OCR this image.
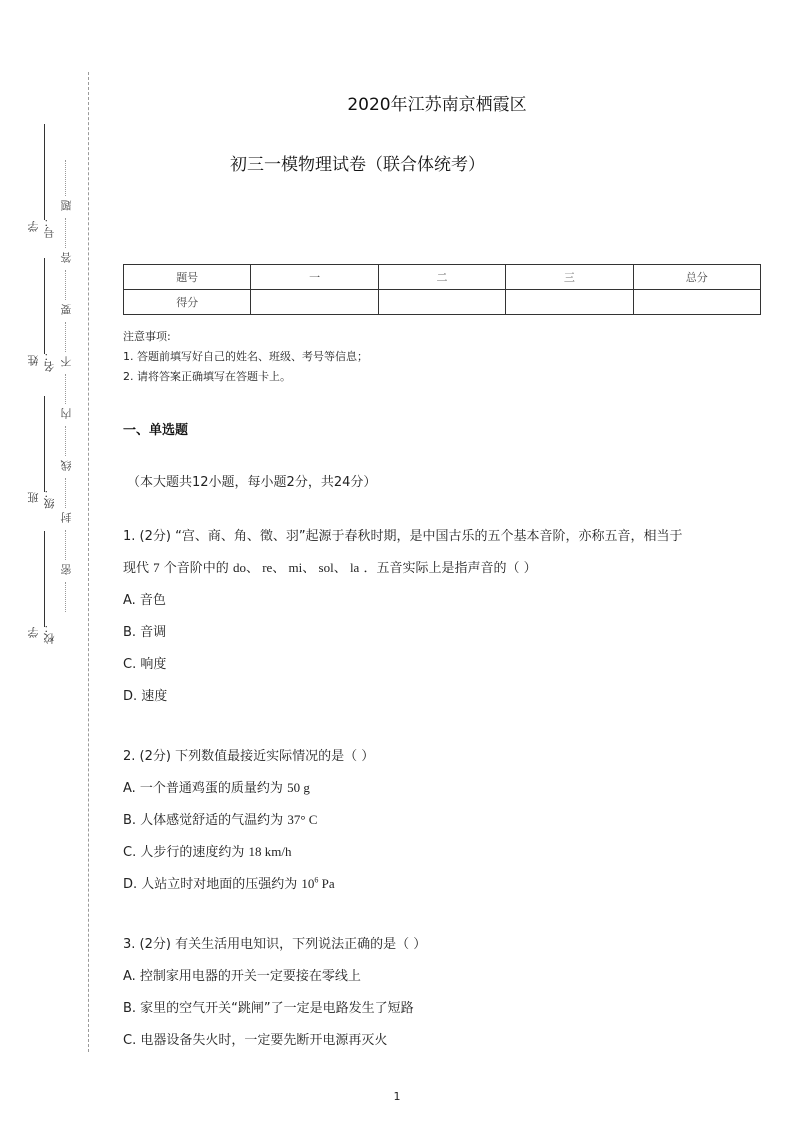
学号：
姓名：
班级：
学校：
题
答
要
不
内
线
封
密
2020年江苏南京栖霞区
初三一模物理试卷（联合体统考）
题号	一	二	三	总分
得分				
注意事项:
1. 答题前填写好自己的姓名、班级、考号等信息；
2. 请将答案正确填写在答题卡上。
一、单选题
（本大题共12小题，每小题2分，共24分）
1. (2分) “宫、商、角、徵、羽”起源于春秋时期，是中国古乐的五个基本音阶，亦称五音，相当于
现代 7 个音阶中的 do、 re、 mi、 sol、 la ．五音实际上是指声音的（ ）
A. 音色
B. 音调
C. 响度
D. 速度
2. (2分) 下列数值最接近实际情况的是（ ）
A. 一个普通鸡蛋的质量约为 50 g
B. 人体感觉舒适的气温约为 37° C
C. 人步行的速度约为 18 km/h
D. 人站立时对地面的压强约为 $10^6$ Pa
3. (2分) 有关生活用电知识，下列说法正确的是（ ）
A. 控制家用电器的开关一定要接在零线上
B. 家里的空气开关“跳闸”了一定是电路发生了短路
C. 电器设备失火时，一定要先断开电源再灭火
1
